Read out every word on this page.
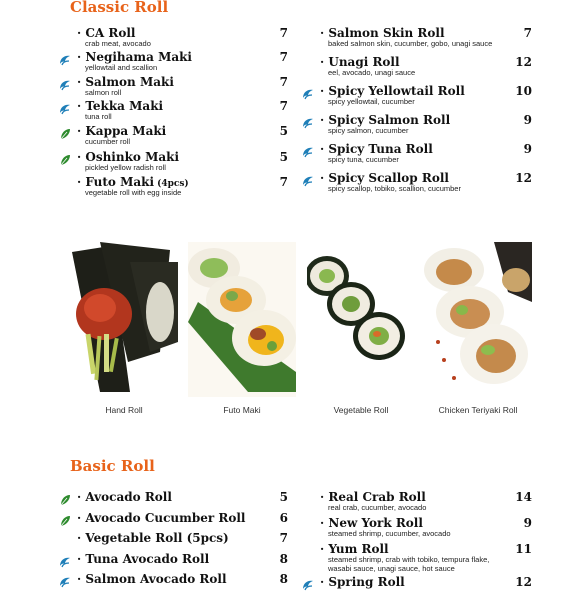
Classic Roll
· CA Roll
crab meat, avocado
7
· Negihama Maki
yellowtail and scallion
7
· Salmon Maki
salmon roll
7
· Tekka Maki
tuna roll
7
· Kappa Maki
cucumber roll
5
· Oshinko Maki
pickled yellow radish roll
5
· Futo Maki (4pcs)
vegetable roll with egg inside
7
· Salmon Skin Roll
baked salmon skin, cucumber, gobo, unagi sauce
7
· Unagi Roll
eel, avocado, unagi sauce
12
· Spicy Yellowtail Roll
spicy yellowtail, cucumber
10
· Spicy Salmon Roll
spicy salmon, cucumber
9
· Spicy Tuna Roll
spicy tuna, cucumber
9
· Spicy Scallop Roll
spicy scallop, tobiko, scallion, cucumber
12
Hand Roll	Futo Maki	Vegetable Roll	Chicken Teriyaki Roll
Basic Roll
· Avocado Roll	5
· Avocado Cucumber Roll	6
· Vegetable Roll (5pcs)	7
· Tuna Avocado Roll	8
· Salmon Avocado Roll	8
· Real Crab Roll
real crab, cucumber, avocado
14
· New York Roll
steamed shrimp, cucumber, avocado
9
· Yum Roll
steamed shrimp, crab with tobiko, tempura flake,
wasabi sauce, unagi sauce, hot sauce
11
· Spring Roll	12
